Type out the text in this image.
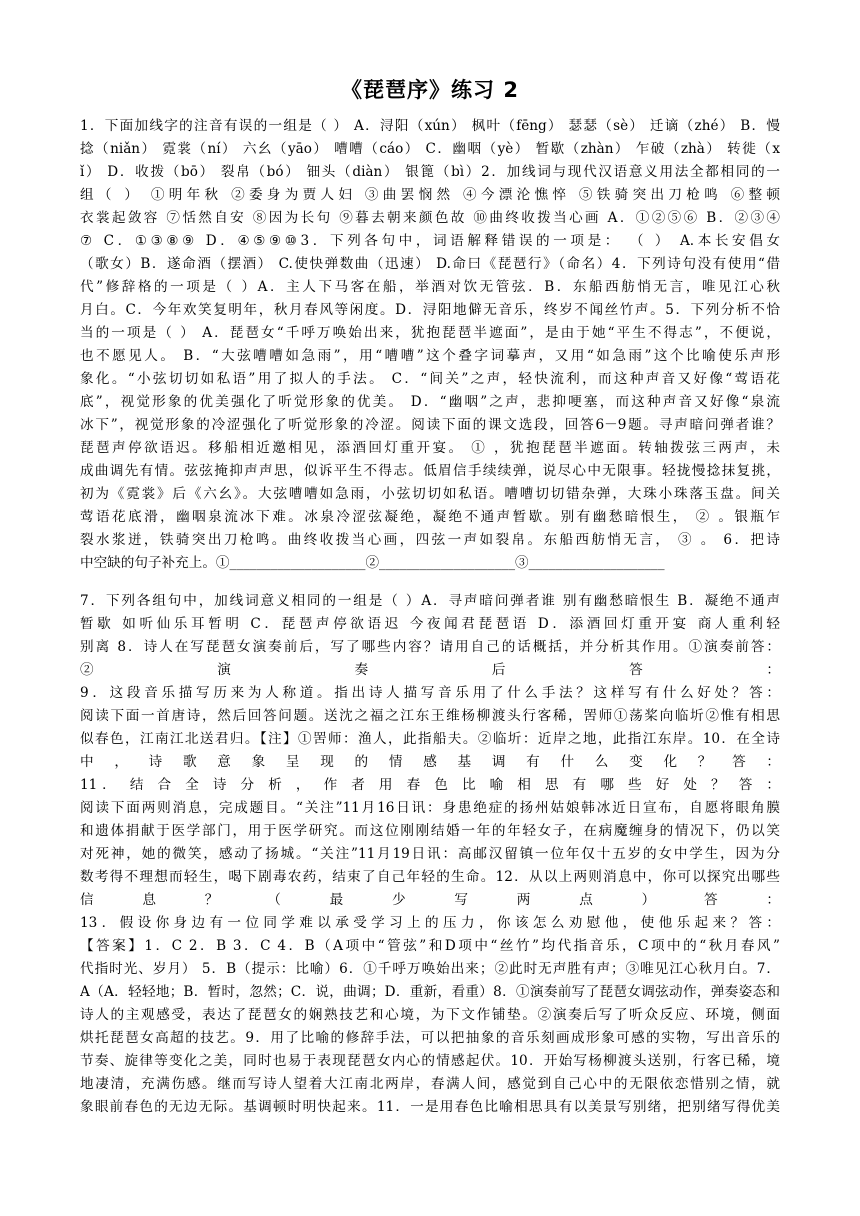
《琵琶序》练习 2
1．下面加线字的注音有误的一组是（ ） A．浔阳（xún） 枫叶（fēng） 瑟瑟（sè） 迁谪（zhé） B．慢
捻（niǎn） 霓裳（ní） 六幺（yāo） 嘈嘈（cáo） C．幽咽（yè） 暂歇（zhàn） 乍破（zhà） 转徙（x
ǐ） D．收拨（bō） 裂帛（bó） 钿头（diàn） 银篦（bì）2．加线词与现代汉语意义用法全都相同的一
组（ ） ①明年秋 ②委身为贾人妇 ③曲罢悯然 ④今漂沦憔悴 ⑤铁骑突出刀枪鸣 ⑥整顿
衣裳起敛容 ⑦恬然自安 ⑧因为长句 ⑨暮去朝来颜色故 ⑩曲终收拨当心画 A．①②⑤⑥ B．②③④
⑦ C．①③⑧⑨ D．④⑤⑨⑩3．下列各句中，词语解释错误的一项是： （ ） A.本长安倡女
（歌女）B．遂命酒（摆酒） C.使快弹数曲（迅速） D.命曰《琵琶行》（命名）4．下列诗句没有使用“借
代”修辞格的一项是（ ）A．主人下马客在船，举酒对饮无管弦．B．东船西舫悄无言，唯见江心秋
月白。C．今年欢笑复明年，秋月春风等闲度。D．浔阳地僻无音乐，终岁不闻丝竹声。5．下列分析不恰
当的一项是（ ） A．琵琶女“千呼万唤始出来，犹抱琵琶半遮面”，是由于她“平生不得志”，不便说，
也不愿见人。 B．“大弦嘈嘈如急雨”，用“嘈嘈”这个叠字词摹声，又用“如急雨”这个比喻使乐声形
象化。“小弦切切如私语”用了拟人的手法。 C．“间关”之声，轻快流利，而这种声音又好像“莺语花
底”，视觉形象的优美强化了听觉形象的优美。 D．“幽咽”之声，悲抑哽塞，而这种声音又好像“泉流
冰下”，视觉形象的冷涩强化了听觉形象的冷涩。阅读下面的课文选段，回答6－9题。寻声暗问弹者谁？
琵琶声停欲语迟。移船相近邀相见，添酒回灯重开宴。 ① ，犹抱琵琶半遮面。转轴拨弦三两声，未
成曲调先有情。弦弦掩抑声声思，似诉平生不得志。低眉信手续续弹，说尽心中无限事。轻拢慢捻抹复挑，
初为《霓裳》后《六幺》。大弦嘈嘈如急雨，小弦切切如私语。嘈嘈切切错杂弹，大珠小珠落玉盘。间关
莺语花底滑，幽咽泉流冰下难。冰泉冷涩弦凝绝，凝绝不通声暂歇。别有幽愁暗恨生， ② 。银瓶乍
裂水浆迸，铁骑突出刀枪鸣。曲终收拨当心画，四弦一声如裂帛。东船西舫悄无言， ③ 。 6．把诗
中空缺的句子补充上。①____________________②____________________③____________________
7．下列各组句中，加线词意义相同的一组是（ ）A．寻声暗问弹者谁 别有幽愁暗恨生 B．凝绝不通声
暂歇 如听仙乐耳暂明 C．琵琶声停欲语迟 今夜闻君琵琶语 D．添酒回灯重开宴 商人重利轻
别离 8．诗人在写琵琶女演奏前后，写了哪些内容？请用自己的话概括，并分析其作用。①演奏前答：
② 演 奏 后 答 ：
9．这段音乐描写历来为人称道。指出诗人描写音乐用了什么手法？这样写有什么好处？答：
阅读下面一首唐诗，然后回答问题。送沈之福之江东王维杨柳渡头行客稀，罟师①荡桨向临圻②惟有相思
似春色，江南江北送君归。【注】①罟师：渔人，此指船夫。②临圻：近岸之地，此指江东岸。10．在全诗
中 ， 诗 歌 意 象 呈 现 的 情 感 基 调 有 什 么 变 化 ？ 答 ：
11． 结 合 全 诗 分 析 ， 作 者 用 春 色 比 喻 相 思 有 哪 些 好 处 ？ 答 ：
阅读下面两则消息，完成题目。“关注”11月16日讯：身患绝症的扬州姑娘韩冰近日宣布，自愿将眼角膜
和遗体捐献于医学部门，用于医学研究。而这位刚刚结婚一年的年轻女子，在病魔缠身的情况下，仍以笑
对死神，她的微笑，感动了扬城。“关注”11月19日讯：高邮汉留镇一位年仅十五岁的女中学生，因为分
数考得不理想而轻生，喝下剧毒农药，结束了自己年轻的生命。12．从以上两则消息中，你可以探究出哪些
信 息 ？ （ 最 少 写 两 点 ） 答 ：
13．假设你身边有一位同学难以承受学习上的压力，你该怎么劝慰他，使他乐起来？答：
【答案】1．C 2．B 3．C 4．B（A项中“管弦”和D项中“丝竹”均代指音乐，C项中的“秋月春风”
代指时光、岁月） 5．B（提示：比喻）6．①千呼万唤始出来；②此时无声胜有声；③唯见江心秋月白。7．
A（A．轻轻地；B．暂时，忽然；C．说，曲调；D．重新，看重）8．①演奏前写了琵琶女调弦动作，弹奏姿态和
诗人的主观感受，表达了琵琶女的娴熟技艺和心境，为下文作铺垫。②演奏后写了听众反应、环境，侧面
烘托琵琶女高超的技艺。9．用了比喻的修辞手法，可以把抽象的音乐刻画成形象可感的实物，写出音乐的
节奏、旋律等变化之美，同时也易于表现琵琶女内心的情感起伏。10．开始写杨柳渡头送别，行客已稀，境
地凄清，充满伤感。继而写诗人望着大江南北两岸，春满人间，感觉到自己心中的无限依恋惜别之情，就
象眼前春色的无边无际。基调顿时明快起来。11．一是用春色比喻相思具有以美景写别绪，把别绪写得优美
